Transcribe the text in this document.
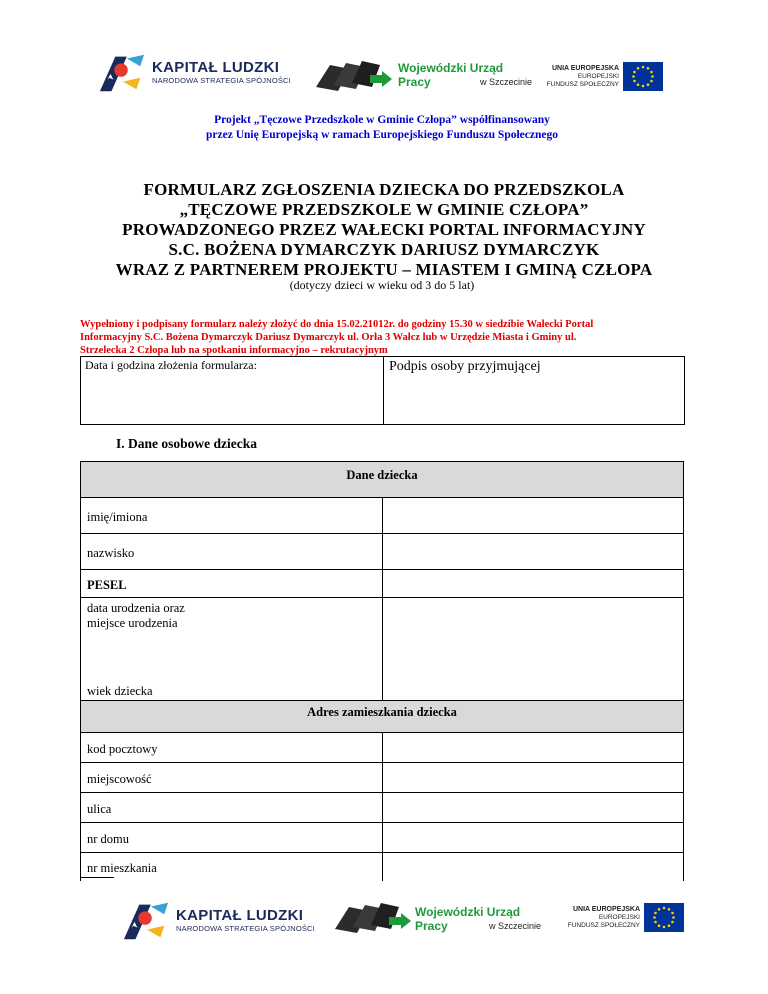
KAPITAŁ LUDZKI
NARODOWA STRATEGIA SPÓJNOŚCI
Wojewódzki Urząd Pracy	w Szczecinie
UNIA EUROPEJSKA
EUROPEJSKI
FUNDUSZ SPOŁECZNY
Projekt „Tęczowe Przedszkole w Gminie Człopa” współfinansowany
przez Unię Europejską w ramach Europejskiego Funduszu Społecznego
FORMULARZ ZGŁOSZENIA DZIECKA DO PRZEDSZKOLA
„TĘCZOWE PRZEDSZKOLE W GMINIE CZŁOPA”
PROWADZONEGO PRZEZ WAŁECKI PORTAL INFORMACYJNY
S.C. BOŻENA DYMARCZYK DARIUSZ DYMARCZYK
WRAZ Z PARTNEREM PROJEKTU – MIASTEM I GMINĄ CZŁOPA
(dotyczy dzieci w wieku od 3 do 5 lat)
Wypełniony i podpisany formularz należy złożyć do dnia 15.02.21012r. do godziny 15.30 w siedzibie Wałecki Portal
Informacyjny S.C. Bożena Dymarczyk Dariusz Dymarczyk ul. Orła 3 Wałcz lub w Urzędzie Miasta i Gminy ul.
Strzelecka 2 Człopa lub na spotkaniu informacyjno – rekrutacyjnym
Data i godzina złożenia formularza:	Podpis osoby przyjmującej
I. Dane osobowe dziecka
Dane dziecka	
imię/imiona	
nazwisko	
PESEL	

data urodzenia oraz
miejsce urodzenia
wiek dziecka	

Adres zamieszkania dziecka	
kod pocztowy	
miejscowość	
ulica	
nr domu	
nr mieszkania	
KAPITAŁ LUDZKI
NARODOWA STRATEGIA SPÓJNOŚCI
Wojewódzki Urząd Pracy	w Szczecinie
UNIA EUROPEJSKA
EUROPEJSKI
FUNDUSZ SPOŁECZNY
